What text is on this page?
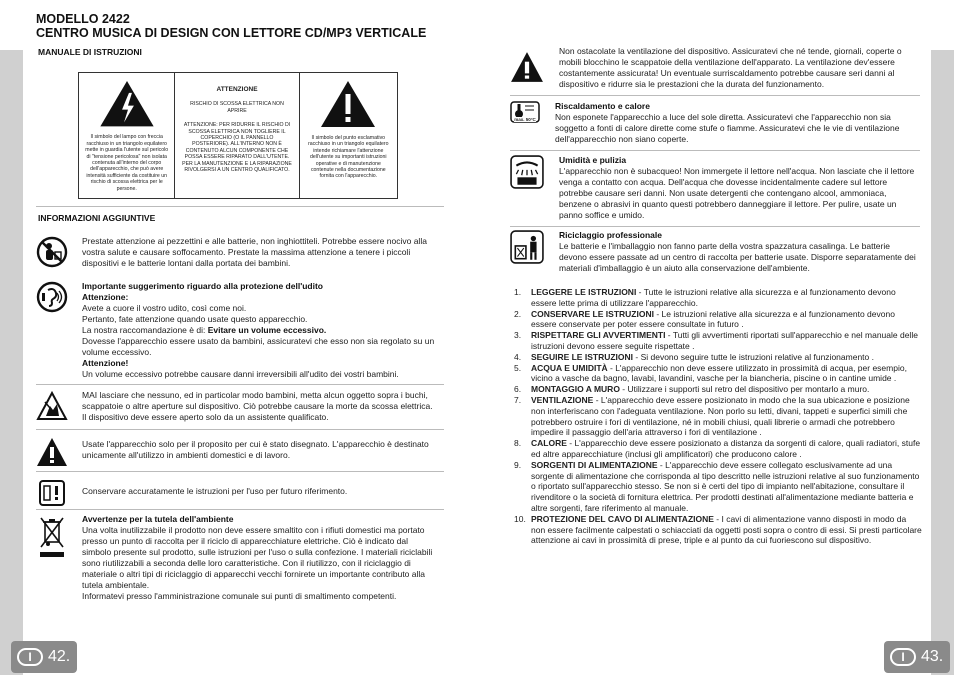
MODELLO 2422
CENTRO MUSICA DI DESIGN CON LETTORE CD/MP3 VERTICALE
MANUALE DI ISTRUZIONI
Il simbolo del lampo con freccia racchiuso in un triangolo equilatero mette in guardia l'utente sul pericolo di "tensione pericolosa" non isolata contenuta all'interno del corpo dell'apparecchio, che può avere intensità sufficiente da costituire un rischio di scossa elettrica per le persone.
ATTENZIONE
RISCHIO DI SCOSSA ELETTRICA NON APRIRE
ATTENZIONE: PER RIDURRE IL RISCHIO DI SCOSSA ELETTRICA NON TOGLIERE IL COPERCHIO (O IL PANNELLO POSTERIORE). ALL'INTERNO NON È CONTENUTO ALCUN COMPONENTE CHE POSSA ESSERE RIPARATO DALL'UTENTE. PER LA MANUTENZIONE E LA RIPARAZIONE RIVOLGERSI A UN CENTRO QUALIFICATO.
Il simbolo del punto esclamativo racchiuso in un triangolo equilatero intende richiamare l'attenzione dell'utente su importanti istruzioni operative e di manutenzione contenute nella documentazione fornita con l'apparecchio.
INFORMAZIONI AGGIUNTIVE
Prestate attenzione ai pezzettini e alle batterie, non inghiottiteli. Potrebbe essere nocivo alla vostra salute e causare soffocamento. Prestate la massima attenzione a tenere i piccoli dispositivi e le batterie lontani dalla portata dei bambini.
Importante suggerimento riguardo alla protezione dell'udito
Attenzione:
Avete a cuore il vostro udito, così come noi.
Pertanto, fate attenzione quando usate questo apparecchio.
La nostra raccomandazione è di: Evitare un volume eccessivo.
Dovesse l'apparecchio essere usato da bambini, assicuratevi che esso non sia regolato su un volume eccessivo.
Attenzione!
Un volume eccessivo potrebbe causare danni irreversibili all'udito dei vostri bambini.
MAI lasciare che nessuno, ed in particolar modo bambini, metta alcun oggetto sopra i buchi, scappatoie o altre aperture sul dispositivo. Ciò potrebbe causare la morte da scossa elettrica. Il dispositivo deve essere aperto solo da un assistente qualificato.
Usate l'apparecchio solo per il proposito per cui è stato disegnato. L'apparecchio è destinato unicamente all'utilizzo in ambienti domestici e di lavoro.
Conservare accuratamente le istruzioni per l'uso per futuro riferimento.
Avvertenze per la tutela dell'ambiente
Una volta inutilizzabile il prodotto non deve essere smaltito con i rifiuti domestici ma portato presso un punto di raccolta per il riciclo di apparecchiature elettriche. Ciò è indicato dal simbolo presente sul prodotto, sulle istruzioni per l'uso o sulla confezione. I materiali riciclabili sono riutilizzabili a seconda delle loro caratteristiche. Con il riutilizzo, con il riciclaggio di materiale o altri tipi di riciclaggio di apparecchi vecchi fornirete un importante contributo alla tutela ambientale.
Informatevi presso l'amministrazione comunale sui punti di smaltimento competenti.
Non ostacolate la ventilazione del dispositivo. Assicuratevi che né tende, giornali, coperte o mobili blocchino le scappatoie della ventilazione dell'apparato. La ventilazione dev'essere costantemente assicurata! Un eventuale surriscaldamento potrebbe causare seri danni al dispositivo e ridurre sia le prestazioni che la durata del funzionamento.
max. 50°C
Riscaldamento e calore
Non esponete l'apparecchio a luce del sole diretta. Assicuratevi che l'apparecchio non sia soggetto a fonti di calore dirette come stufe o fiamme. Assicuratevi che le vie di ventilazione dell'apparecchio non siano coperte.
Umidità e pulizia
L'apparecchio non è subacqueo! Non immergete il lettore nell'acqua. Non lasciate che il lettore venga a contatto con acqua. Dell'acqua che dovesse incidentalmente cadere sul lettore potrebbe causare seri danni. Non usate detergenti che contengano alcool, ammoniaca, benzene o abrasivi in quanto questi potrebbero danneggiare il lettore. Per pulire, usate un panno soffice e umido.
Riciclaggio professionale
Le batterie e l'imballaggio non fanno parte della vostra spazzatura casalinga. Le batterie devono essere passate ad un centro di raccolta per batterie usate. Disporre separatamente dei materiali d'imballaggio è un aiuto alla conservazione dell'ambiente.
1.	LEGGERE LE ISTRUZIONI - Tutte le istruzioni relative alla sicurezza e al funzionamento devono essere lette prima di utilizzare l'apparecchio.
2.	CONSERVARE LE ISTRUZIONI - Le istruzioni relative alla sicurezza e al funzionamento devono essere conservate per poter essere consultate in futuro .
3.	RISPETTARE GLI AVVERTIMENTI - Tutti gli avvertimenti riportati sull'apparecchio e nel manuale delle istruzioni devono essere seguite rispettate .
4.	SEGUIRE LE ISTRUZIONI - Si devono seguire tutte le istruzioni relative al funzionamento .
5.	ACQUA E UMIDITÀ - L'apparecchio non deve essere utilizzato in prossimità di acqua, per esempio, vicino a vasche da bagno, lavabi, lavandini, vasche per la biancheria, piscine o in cantine umide .
6.	MONTAGGIO A MURO - Utilizzare i supporti sul retro del dispositivo per montarlo a muro.
7.	VENTILAZIONE - L'apparecchio deve essere posizionato in modo che la sua ubicazione e posizione non interferiscano con l'adeguata ventilazione. Non porlo su letti, divani, tappeti e superfici simili che potrebbero ostruire i fori di ventilazione, né in mobili chiusi, quali librerie o armadi che potrebbero impedire il passaggio dell'aria attraverso i fori di ventilazione .
8.	CALORE - L'apparecchio deve essere posizionato a distanza da sorgenti di calore, quali radiatori, stufe ed altre apparecchiature (inclusi gli amplificatori) che producono calore .
9.	SORGENTI DI ALIMENTAZIONE - L'apparecchio deve essere collegato esclusivamente ad una sorgente di alimentazione che corrisponda al tipo descritto nelle istruzioni relative al suo funzionamento o riportato sull'apparecchio stesso. Se non si è certi del tipo di impianto nell'abitazione, consultare il rivenditore o la società di fornitura elettrica. Per prodotti destinati all'alimentazione mediante batteria e altre sorgenti, fare riferimento al manuale.
10. PROTEZIONE DEL CAVO DI ALIMENTAZIONE - I cavi di alimentazione vanno disposti in modo da non essere facilmente calpestati o schiacciati da oggetti posti sopra o contro di essi. Si presti particolare attenzione ai cavi in prossimità di prese, triple e al punto da cui fuoriescono sul dispositivo.
I	42.	I	43.
